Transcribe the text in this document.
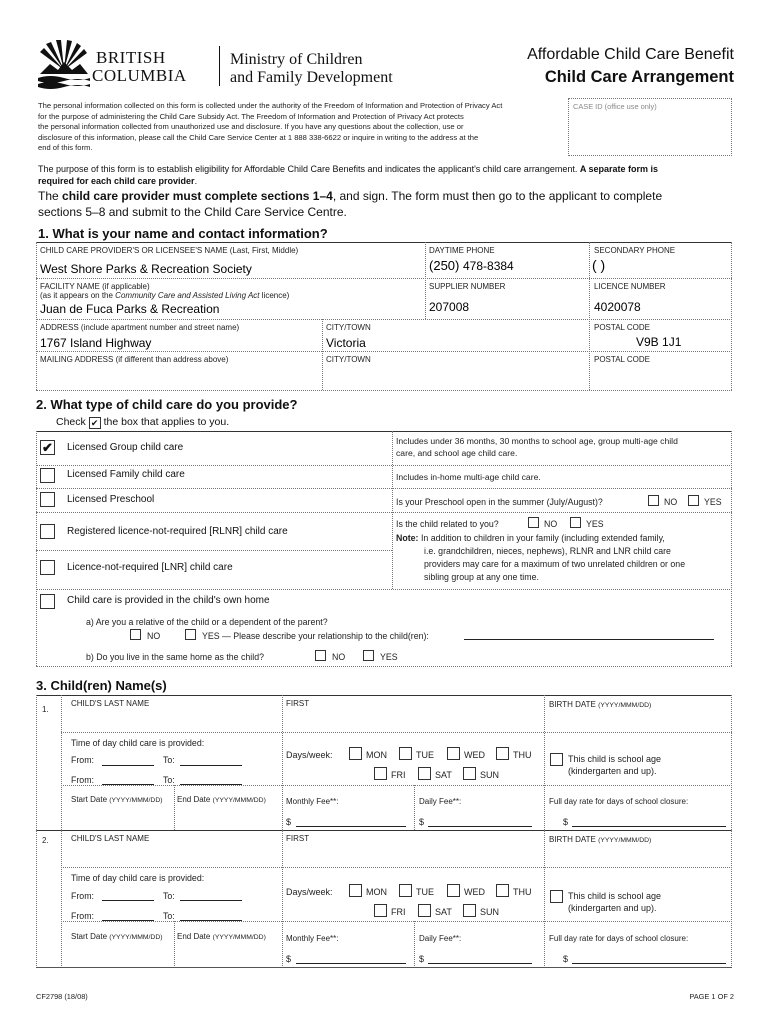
BRITISH
COLUMBIA
Ministry of Children
and Family Development
Affordable Child Care Benefit
Child Care Arrangement
The personal information collected on this form is collected under the authority of the Freedom of Information and Protection of Privacy Act
for the purpose of administering the Child Care Subsidy Act. The Freedom of Information and Protection of Privacy Act protects
the personal information collected from unauthorized use and disclosure. If you have any questions about the collection, use or
disclosure of this information, please call the Child Care Service Center at 1 888 338-6622 or inquire in writing to the address at the
end of this form.
CASE ID (office use only)
The purpose of this form is to establish eligibility for Affordable Child Care Benefits and indicates the applicant's child care arrangement. A separate form is
required for each child care provider.
The child care provider must complete sections 1–4, and sign. The form must then go to the applicant to complete
sections 5–8 and submit to the Child Care Service Centre.
1. What is your name and contact information?
CHILD CARE PROVIDER'S OR LICENSEE'S NAME (Last, First, Middle)
West Shore Parks & Recreation Society
DAYTIME PHONE
(250) 478-8384
SECONDARY PHONE
( )
FACILITY NAME (if applicable)
(as it appears on the Community Care and Assisted Living Act licence)
Juan de Fuca Parks & Recreation
SUPPLIER NUMBER
207008
LICENCE NUMBER
4020078
ADDRESS (include apartment number and street name)
1767 Island Highway
CITY/TOWN
Victoria
POSTAL CODE
V9B 1J1
MAILING ADDRESS (if different than address above)	CITY/TOWN	POSTAL CODE
2. What type of child care do you provide?
Check ✔ the box that applies to you.
✔ Licensed Group child care
Includes under 36 months, 30 months to school age, group multi-age child
care, and school age child care.
Licensed Family child care	Includes in-home multi-age child care.
Licensed Preschool	Is your Preschool open in the summer (July/August)?	NO	YES
Registered licence-not-required [RLNR] child care
Is the child related to you?	NO	YES
Note: In addition to children in your family (including extended family,
i.e. grandchildren, nieces, nephews), RLNR and LNR child care
providers may care for a maximum of two unrelated children or one
sibling group at any one time.
Licence-not-required [LNR] child care
Child care is provided in the child's own home
a) Are you a relative of the child or a dependent of the parent?
NO	YES — Please describe your relationship to the child(ren):
b) Do you live in the same home as the child?	NO	YES
3. Child(ren) Name(s)
1.
CHILD'S LAST NAME	FIRST	BIRTH DATE (YYYY/MMM/DD)
Time of day child care is provided:
From:	To:
From:	To:
Days/week:	MON	TUE	WED	THU
FRI	SAT	SUN
This child is school age
(kindergarten and up).
Start Date (YYYY/MMM/DD) End Date (YYYY/MMM/DD)	Monthly Fee**:
$
Daily Fee**:
$
Full day rate for days of school closure:
$
2.	CHILD'S LAST NAME	FIRST	BIRTH DATE (YYYY/MMM/DD)
Time of day child care is provided:
From:	To:
From:	To:
Days/week:	MON	TUE	WED	THU
FRI	SAT	SUN
This child is school age
(kindergarten and up).
Start Date (YYYY/MMM/DD) End Date (YYYY/MMM/DD)	Monthly Fee**:
$
Daily Fee**:
$
Full day rate for days of school closure:
$
CF2798 (18/08)	PAGE 1 OF 2
